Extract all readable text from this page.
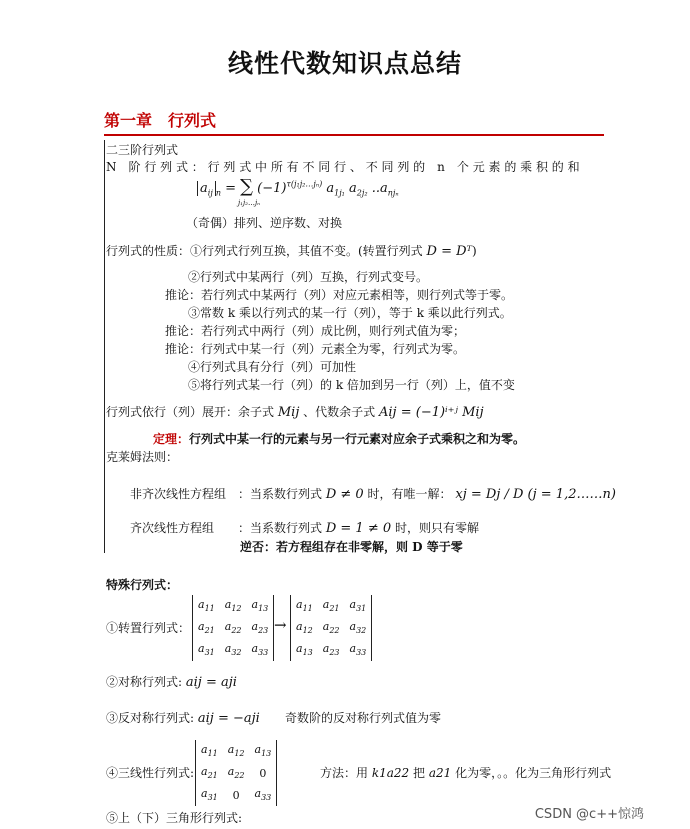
线性代数知识点总结
第一章　行列式
二三阶行列式
N　阶 行 列 式 ： 行 列 式 中 所 有 不 同 行 、 不 同 列 的　n　个 元 素 的 乘 积 的 和
$a_{ij}$ $_n$ = ∑ $(-1)^{\tau(j_1j_2\dots j_n)}$ $a_{1j_1}$ $a_{2j_2}$ $..a_{nj_n}$
j₁j₂…jₙ
（奇偶）排列、逆序数、对换
行列式的性质：①行列式行列互换，其值不变。(转置行列式 D = Dᵀ)
②行列式中某两行（列）互换，行列式变号。
推论：若行列式中某两行（列）对应元素相等，则行列式等于零。
③常数 k 乘以行列式的某一行（列），等于 k 乘以此行列式。
推论：若行列式中两行（列）成比例，则行列式值为零；
推论：行列式中某一行（列）元素全为零，行列式为零。
④行列式具有分行（列）可加性
⑤将行列式某一行（列）的 k 倍加到另一行（列）上，值不变
行列式依行（列）展开：余子式 Mij 、代数余子式 Aij = (−1)ⁱ⁺ʲ Mij
定理：行列式中某一行的元素与另一行元素对应余子式乘积之和为零。
克莱姆法则：
非齐次线性方程组　：当系数行列式 D ≠ 0 时，有唯一解： xj = Dj / D (j = 1,2……n)
齐次线性方程组　　：当系数行列式 D = 1 ≠ 0 时，则只有零解
逆否：若方程组存在非零解，则 D 等于零
特殊行列式：
①转置行列式：
$a_{11}$	$a_{12}$	$a_{13}$
$a_{21}$	$a_{22}$	$a_{23}$
$a_{31}$	$a_{32}$	$a_{33}$
→
$a_{11}$	$a_{21}$	$a_{31}$
$a_{12}$	$a_{22}$	$a_{32}$
$a_{13}$	$a_{23}$	$a_{33}$
②对称行列式: aij = aji
③反对称行列式: aij = −aji 奇数阶的反对称行列式值为零
④三线性行列式:
$a_{11}$	$a_{12}$	$a_{13}$
$a_{21}$	$a_{22}$	0
$a_{31}$	0	$a_{33}$
方法：用 k1a22 把 a21 化为零，。。化为三角形行列式
⑤上（下）三角形行列式:	CSDN @c++惊鸿
